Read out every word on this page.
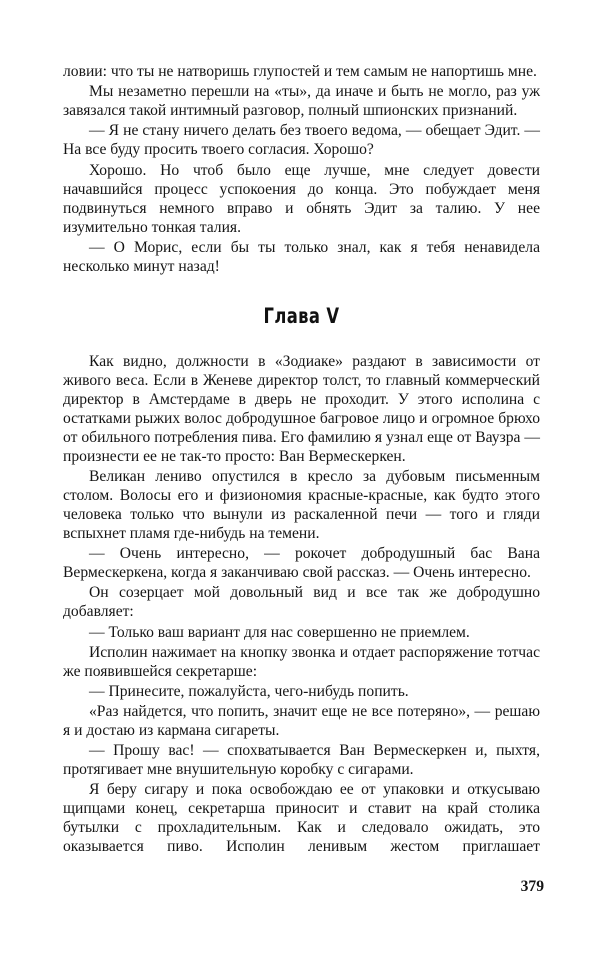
ловии: что ты не натворишь глупостей и тем самым не напортишь мне.

Мы незаметно перешли на «ты», да иначе и быть не могло, раз уж завязался такой интимный разговор, полный шпионских признаний.

— Я не стану ничего делать без твоего ведома, — обещает Эдит. — На все буду просить твоего согласия. Хорошо?

Хорошо. Но чтоб было еще лучше, мне следует довести начавшийся процесс успокоения до конца. Это побуждает меня подвинуться немного вправо и обнять Эдит за талию. У нее изумительно тонкая талия.

— О Морис, если бы ты только знал, как я тебя ненавидела несколько минут назад!

Глава V

Как видно, должности в «Зодиаке» раздают в зависимости от живого веса. Если в Женеве директор толст, то главный коммерческий директор в Амстердаме в дверь не проходит. У этого исполина с остатками рыжих волос добродушное багровое лицо и огромное брюхо от обильного потребления пива. Его фамилию я узнал еще от Ваузра — произнести ее не так-то просто: Ван Вермескеркен.

Великан лениво опустился в кресло за дубовым письменным столом. Волосы его и физиономия красные-красные, как будто этого человека только что вынули из раскаленной печи — того и гляди вспыхнет пламя где-нибудь на темени.

— Очень интересно, — рокочет добродушный бас Вана Вермескеркена, когда я заканчиваю свой рассказ. — Очень интересно.

Он созерцает мой довольный вид и все так же добродушно добавляет:

— Только ваш вариант для нас совершенно не приемлем.

Исполин нажимает на кнопку звонка и отдает распоряжение тотчас же появившейся секретарше:

— Принесите, пожалуйста, чего-нибудь попить.

«Раз найдется, что попить, значит еще не все потеряно», — решаю я и достаю из кармана сигареты.

— Прошу вас! — спохватывается Ван Вермескеркен и, пыхтя, протягивает мне внушительную коробку с сигарами.

Я беру сигару и пока освобождаю ее от упаковки и откусываю щипцами конец, секретарша приносит и ставит на край столика бутылки с прохладительным. Как и следовало ожидать, это оказывается пиво. Исполин ленивым жестом приглашает

379
